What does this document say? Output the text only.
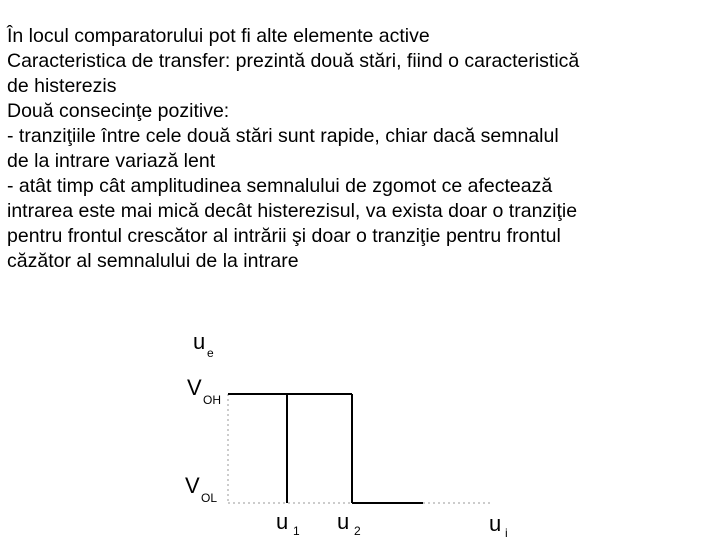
În locul comparatorului pot fi alte elemente active
Caracteristica de transfer: prezintă două stări, fiind o caracteristică
de histerezis
Două consecinţe pozitive:
- tranziţiile între cele două stări sunt rapide, chiar dacă semnalul
de la intrare variază lent
- atât timp cât amplitudinea semnalului de zgomot ce afectează
intrarea este mai mică decât histerezisul, va exista doar o tranziţie
pentru frontul crescător al intrării şi doar o tranziţie pentru frontul
căzător al semnalului de la intrare
u e
V OH
V OL
u 1 u 2	u i
